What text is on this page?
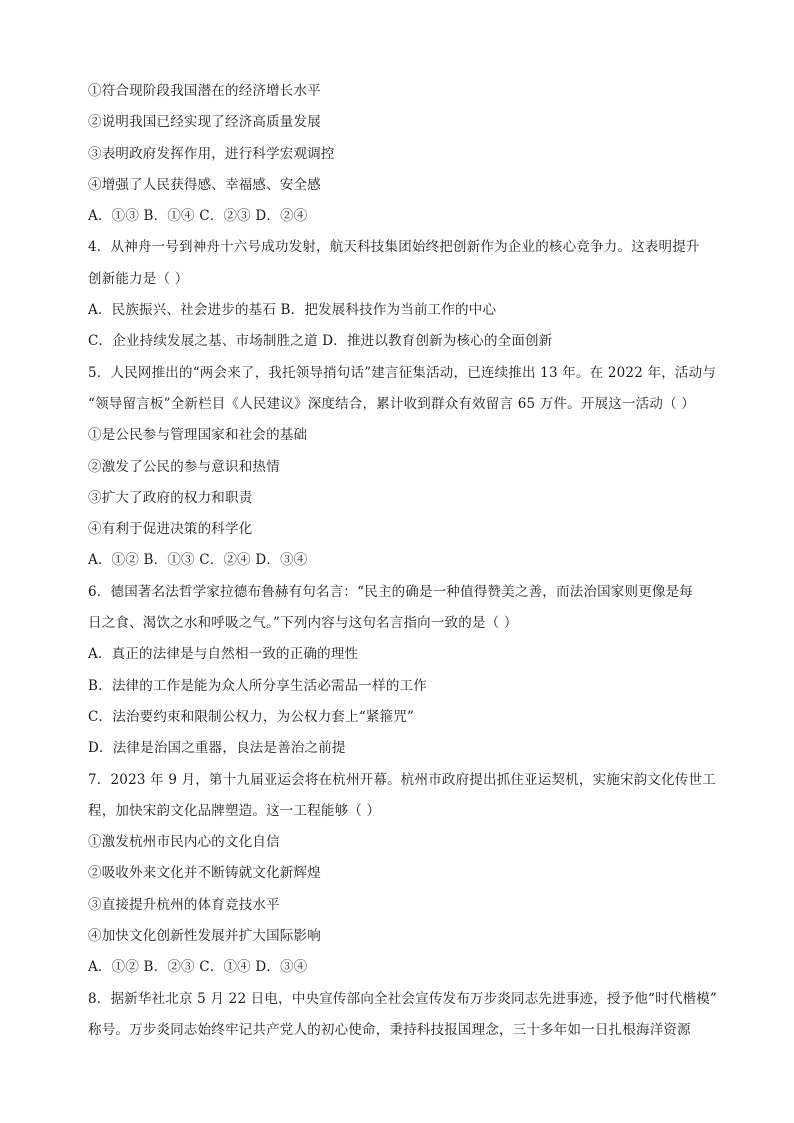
①符合现阶段我国潜在的经济增长水平
②说明我国已经实现了经济高质量发展
③表明政府发挥作用，进行科学宏观调控
④增强了人民获得感、幸福感、安全感
A．①③ B．①④ C．②③ D．②④
4．从神舟一号到神舟十六号成功发射，航天科技集团始终把创新作为企业的核心竞争力。这表明提升
创新能力是（ ）
A．民族振兴、社会进步的基石 B．把发展科技作为当前工作的中心
C．企业持续发展之基、市场制胜之道 D．推进以教育创新为核心的全面创新
5．人民网推出的“两会来了，我托领导捎句话”建言征集活动，已连续推出 13 年。在 2022 年，活动与
“领导留言板”全新栏目《人民建议》深度结合，累计收到群众有效留言 65 万件。开展这一活动（ ）
①是公民参与管理国家和社会的基础
②激发了公民的参与意识和热情
③扩大了政府的权力和职责
④有利于促进决策的科学化
A．①② B．①③ C．②④ D．③④
6．德国著名法哲学家拉德布鲁赫有句名言：“民主的确是一种值得赞美之善，而法治国家则更像是每
日之食、渴饮之水和呼吸之气。”下列内容与这句名言指向一致的是（ ）
A．真正的法律是与自然相一致的正确的理性
B．法律的工作是能为众人所分享生活必需品一样的工作
C．法治要约束和限制公权力，为公权力套上“紧箍咒”
D．法律是治国之重器，良法是善治之前提
7．2023 年 9 月，第十九届亚运会将在杭州开幕。杭州市政府提出抓住亚运契机，实施宋韵文化传世工
程，加快宋韵文化品牌塑造。这一工程能够（ ）
①激发杭州市民内心的文化自信
②吸收外来文化并不断铸就文化新辉煌
③直接提升杭州的体育竞技水平
④加快文化创新性发展并扩大国际影响
A．①② B．②③ C．①④ D．③④
8．据新华社北京 5 月 22 日电，中央宣传部向全社会宣传发布万步炎同志先进事迹，授予他“时代楷模”
称号。万步炎同志始终牢记共产党人的初心使命，秉持科技报国理念，三十多年如一日扎根海洋资源
